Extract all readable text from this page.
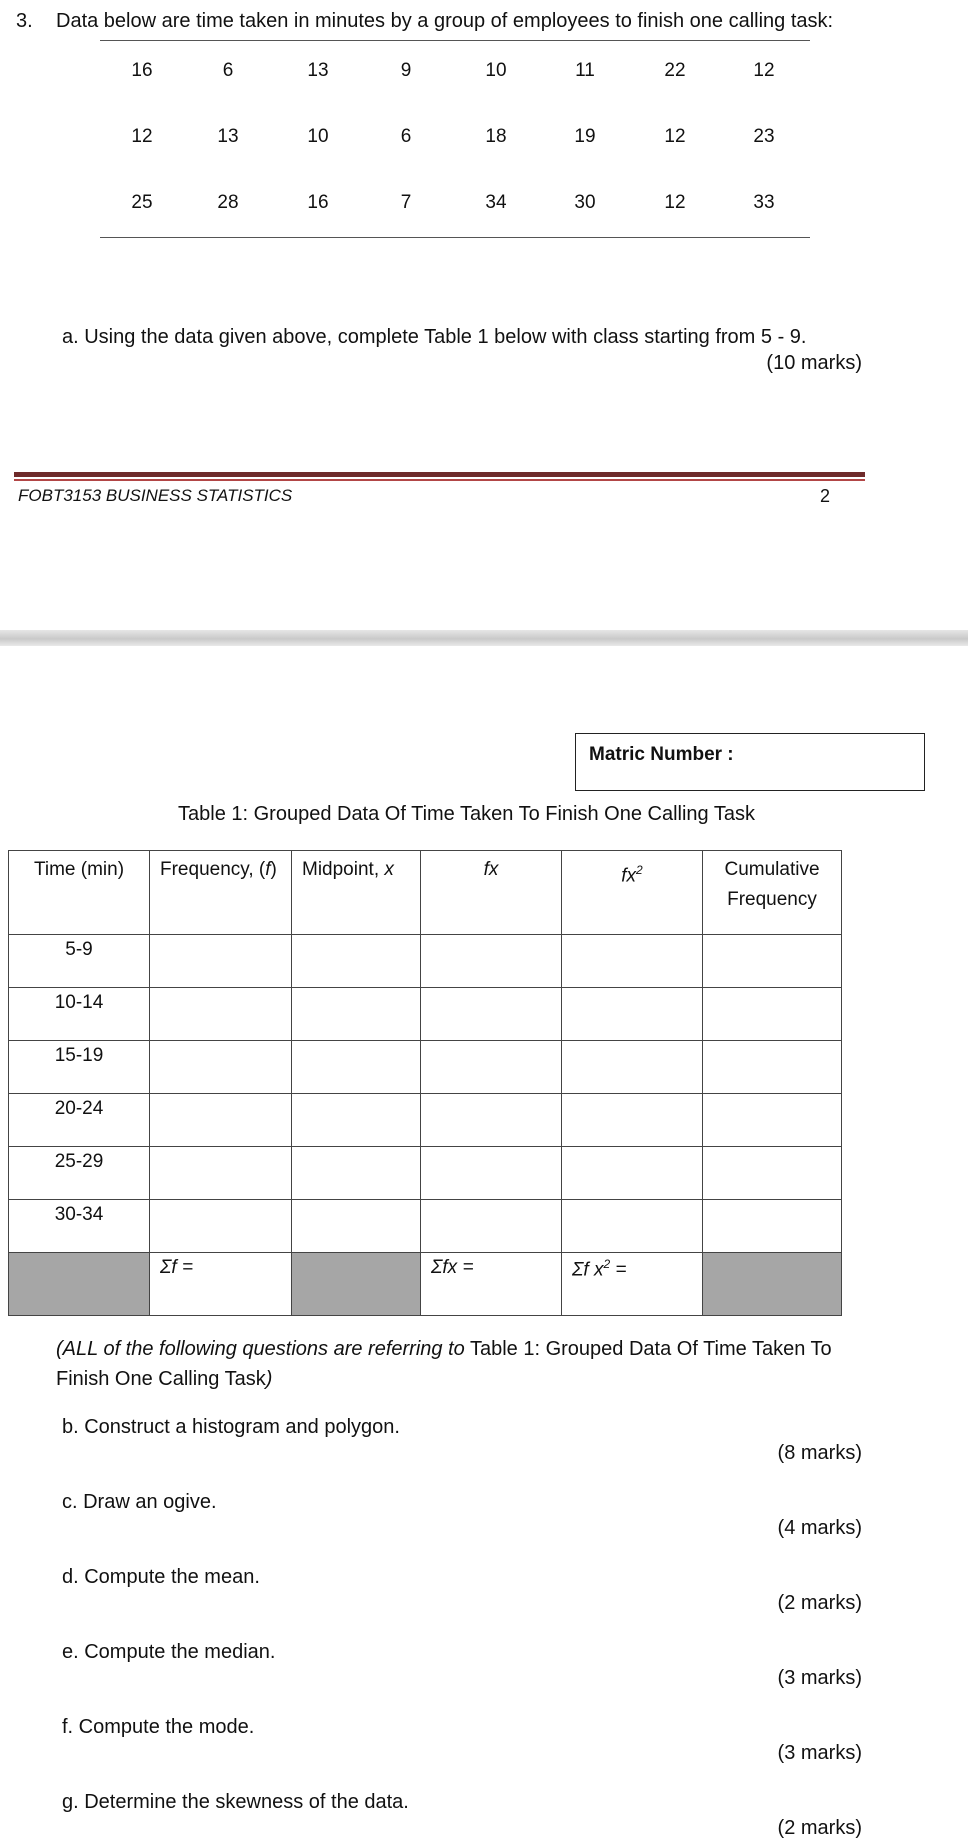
3. Data below are time taken in minutes by a group of employees to finish one calling task:
16	6	13	9	10	11	22	12
12	13	10	6	18	19	12	23
25	28	16	7	34	30	12	33
a. Using the data given above, complete Table 1 below with class starting from 5 - 9.
(10 marks)
FOBT3153 BUSINESS STATISTICS	2
Matric Number :
Table 1: Grouped Data Of Time Taken To Finish One Calling Task
Time (min)	Frequency, (f)	Midpoint, x	fx	$fx^2$	Cumulative Frequency
5-9					
10-14					
15-19					
20-24					
25-29					
30-34					
	Σf =		Σfx =	Σf $x^2$ =	
(ALL of the following questions are referring to Table 1: Grouped Data Of Time Taken To Finish One Calling Task)
b. Construct a histogram and polygon.
(8 marks)
c. Draw an ogive.
(4 marks)
d. Compute the mean.
(2 marks)
e. Compute the median.
(3 marks)
f. Compute the mode.
(3 marks)
g. Determine the skewness of the data.
(2 marks)
